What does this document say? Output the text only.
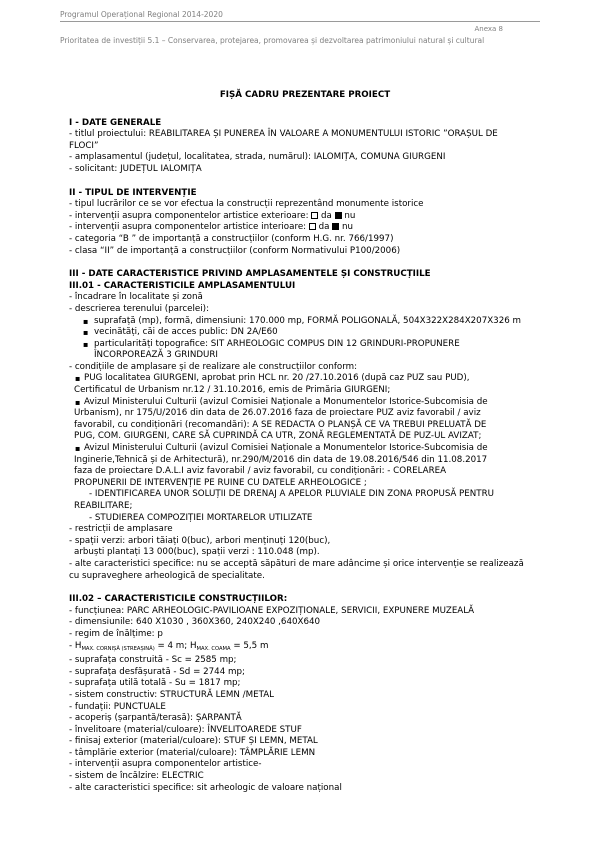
Programul Operațional Regional 2014-2020
Anexa 8
Prioritatea de investiții 5.1 – Conservarea, protejarea, promovarea și dezvoltarea patrimoniului natural și cultural
FIȘĂ CADRU PREZENTARE PROIECT
I - DATE GENERALE
- titlul proiectului: REABILITAREA ȘI PUNEREA ÎN VALOARE A MONUMENTULUI ISTORIC ”ORAȘUL DE
FLOCI”
- amplasamentul (județul, localitatea, strada, numărul): IALOMIȚA, COMUNA GIURGENI
- solicitant: JUDEȚUL IALOMIȚA
II - TIPUL DE INTERVENȚIE
- tipul lucrărilor ce se vor efectua la construcții reprezentând monumente istorice
- intervenții asupra componentelor artistice exterioare: da nu
- intervenții asupra componentelor artistice interioare: da nu
- categoria “B ” de importanță a construcțiilor (conform H.G. nr. 766/1997)
- clasa “II” de importanță a construcțiilor (conform Normativului P100/2006)
III - DATE CARACTERISTICE PRIVIND AMPLASAMENTELE ȘI CONSTRUCȚIILE
III.01 - CARACTERISTICILE AMPLASAMENTULUI
- încadrare în localitate și zonă
- descrierea terenului (parcelei):
▪ suprafață (mp), formă, dimensiuni: 170.000 mp, FORMĂ POLIGONALĂ, 504X322X284X207X326 m
▪ vecinătăți, căi de acces public: DN 2A/E60
▪ particularități topografice: SIT ARHEOLOGIC COMPUS DIN 12 GRINDURI-PROPUNERE
ÎNCORPOREAZĂ 3 GRINDURI
- condițiile de amplasare și de realizare ale construcțiilor conform:
▪ PUG localitatea GIURGENI, aprobat prin HCL nr. 20 /27.10.2016 (după caz PUZ sau PUD),
Certificatul de Urbanism nr.12 / 31.10.2016, emis de Primăria GIURGENI;
▪ Avizul Ministerului Culturii (avizul Comisiei Naționale a Monumentelor Istorice-Subcomisia de
Urbanism), nr 175/U/2016 din data de 26.07.2016 faza de proiectare PUZ aviz favorabil / aviz
favorabil, cu condiționări (recomandări): A SE REDACTA O PLANȘĂ CE VA TREBUI PRELUATĂ DE
PUG, COM. GIURGENI, CARE SĂ CUPRINDĂ CA UTR, ZONĂ REGLEMENTATĂ DE PUZ-UL AVIZAT;
▪ Avizul Ministerului Culturii (avizul Comisiei Naționale a Monumentelor Istorice-Subcomisia de
Inginerie,Tehnică și de Arhitectură), nr.290/M/2016 din data de 19.08.2016/546 din 11.08.2017
faza de proiectare D.A.L.I aviz favorabil / aviz favorabil, cu condiționări: - CORELAREA
PROPUNERII DE INTERVENȚIE PE RUINE CU DATELE ARHEOLOGICE ;
- IDENTIFICAREA UNOR SOLUȚII DE DRENAJ A APELOR PLUVIALE DIN ZONA PROPUSĂ PENTRU
REABILITARE;
- STUDIEREA COMPOZIȚIEI MORTARELOR UTILIZATE
- restricții de amplasare
- spații verzi: arbori tăiați 0(buc), arbori menținuți 120(buc),
arbuști plantați 13 000(buc), spații verzi : 110.048 (mp).
- alte caracteristici specifice: nu se acceptă săpături de mare adâncime și orice intervenție se realizează
cu supraveghere arheologică de specialitate.
III.02 – CARACTERISTICILE CONSTRUCȚIILOR:
- funcțiunea: PARC ARHEOLOGIC-PAVILIOANE EXPOZIȚIONALE, SERVICII, EXPUNERE MUZEALĂ
- dimensiunile: 640 X1030 , 360X360, 240X240 ,640X640
- regim de înălțime: p
- $H_{MAX. CORNIȘĂ (STREAȘINĂ)} = 4$ m; $H_{MAX. COAMA} = 5,5$ m
- suprafața construită - Sc = 2585 mp;
- suprafața desfășurată - Sd = 2744 mp;
- suprafața utilă totală - Su = 1817 mp;
- sistem constructiv: STRUCTURĂ LEMN /METAL
- fundații: PUNCTUALE
- acoperiș (șarpantă/terasă): ȘARPANTĂ
- învelitoare (material/culoare): ÎNVELITOAREDE STUF
- finisaj exterior (material/culoare): STUF ȘI LEMN, METAL
- tâmplărie exterior (material/culoare): TÂMPLĂRIE LEMN
- intervenții asupra componentelor artistice-
- sistem de încălzire: ELECTRIC
- alte caracteristici specifice: sit arheologic de valoare național
